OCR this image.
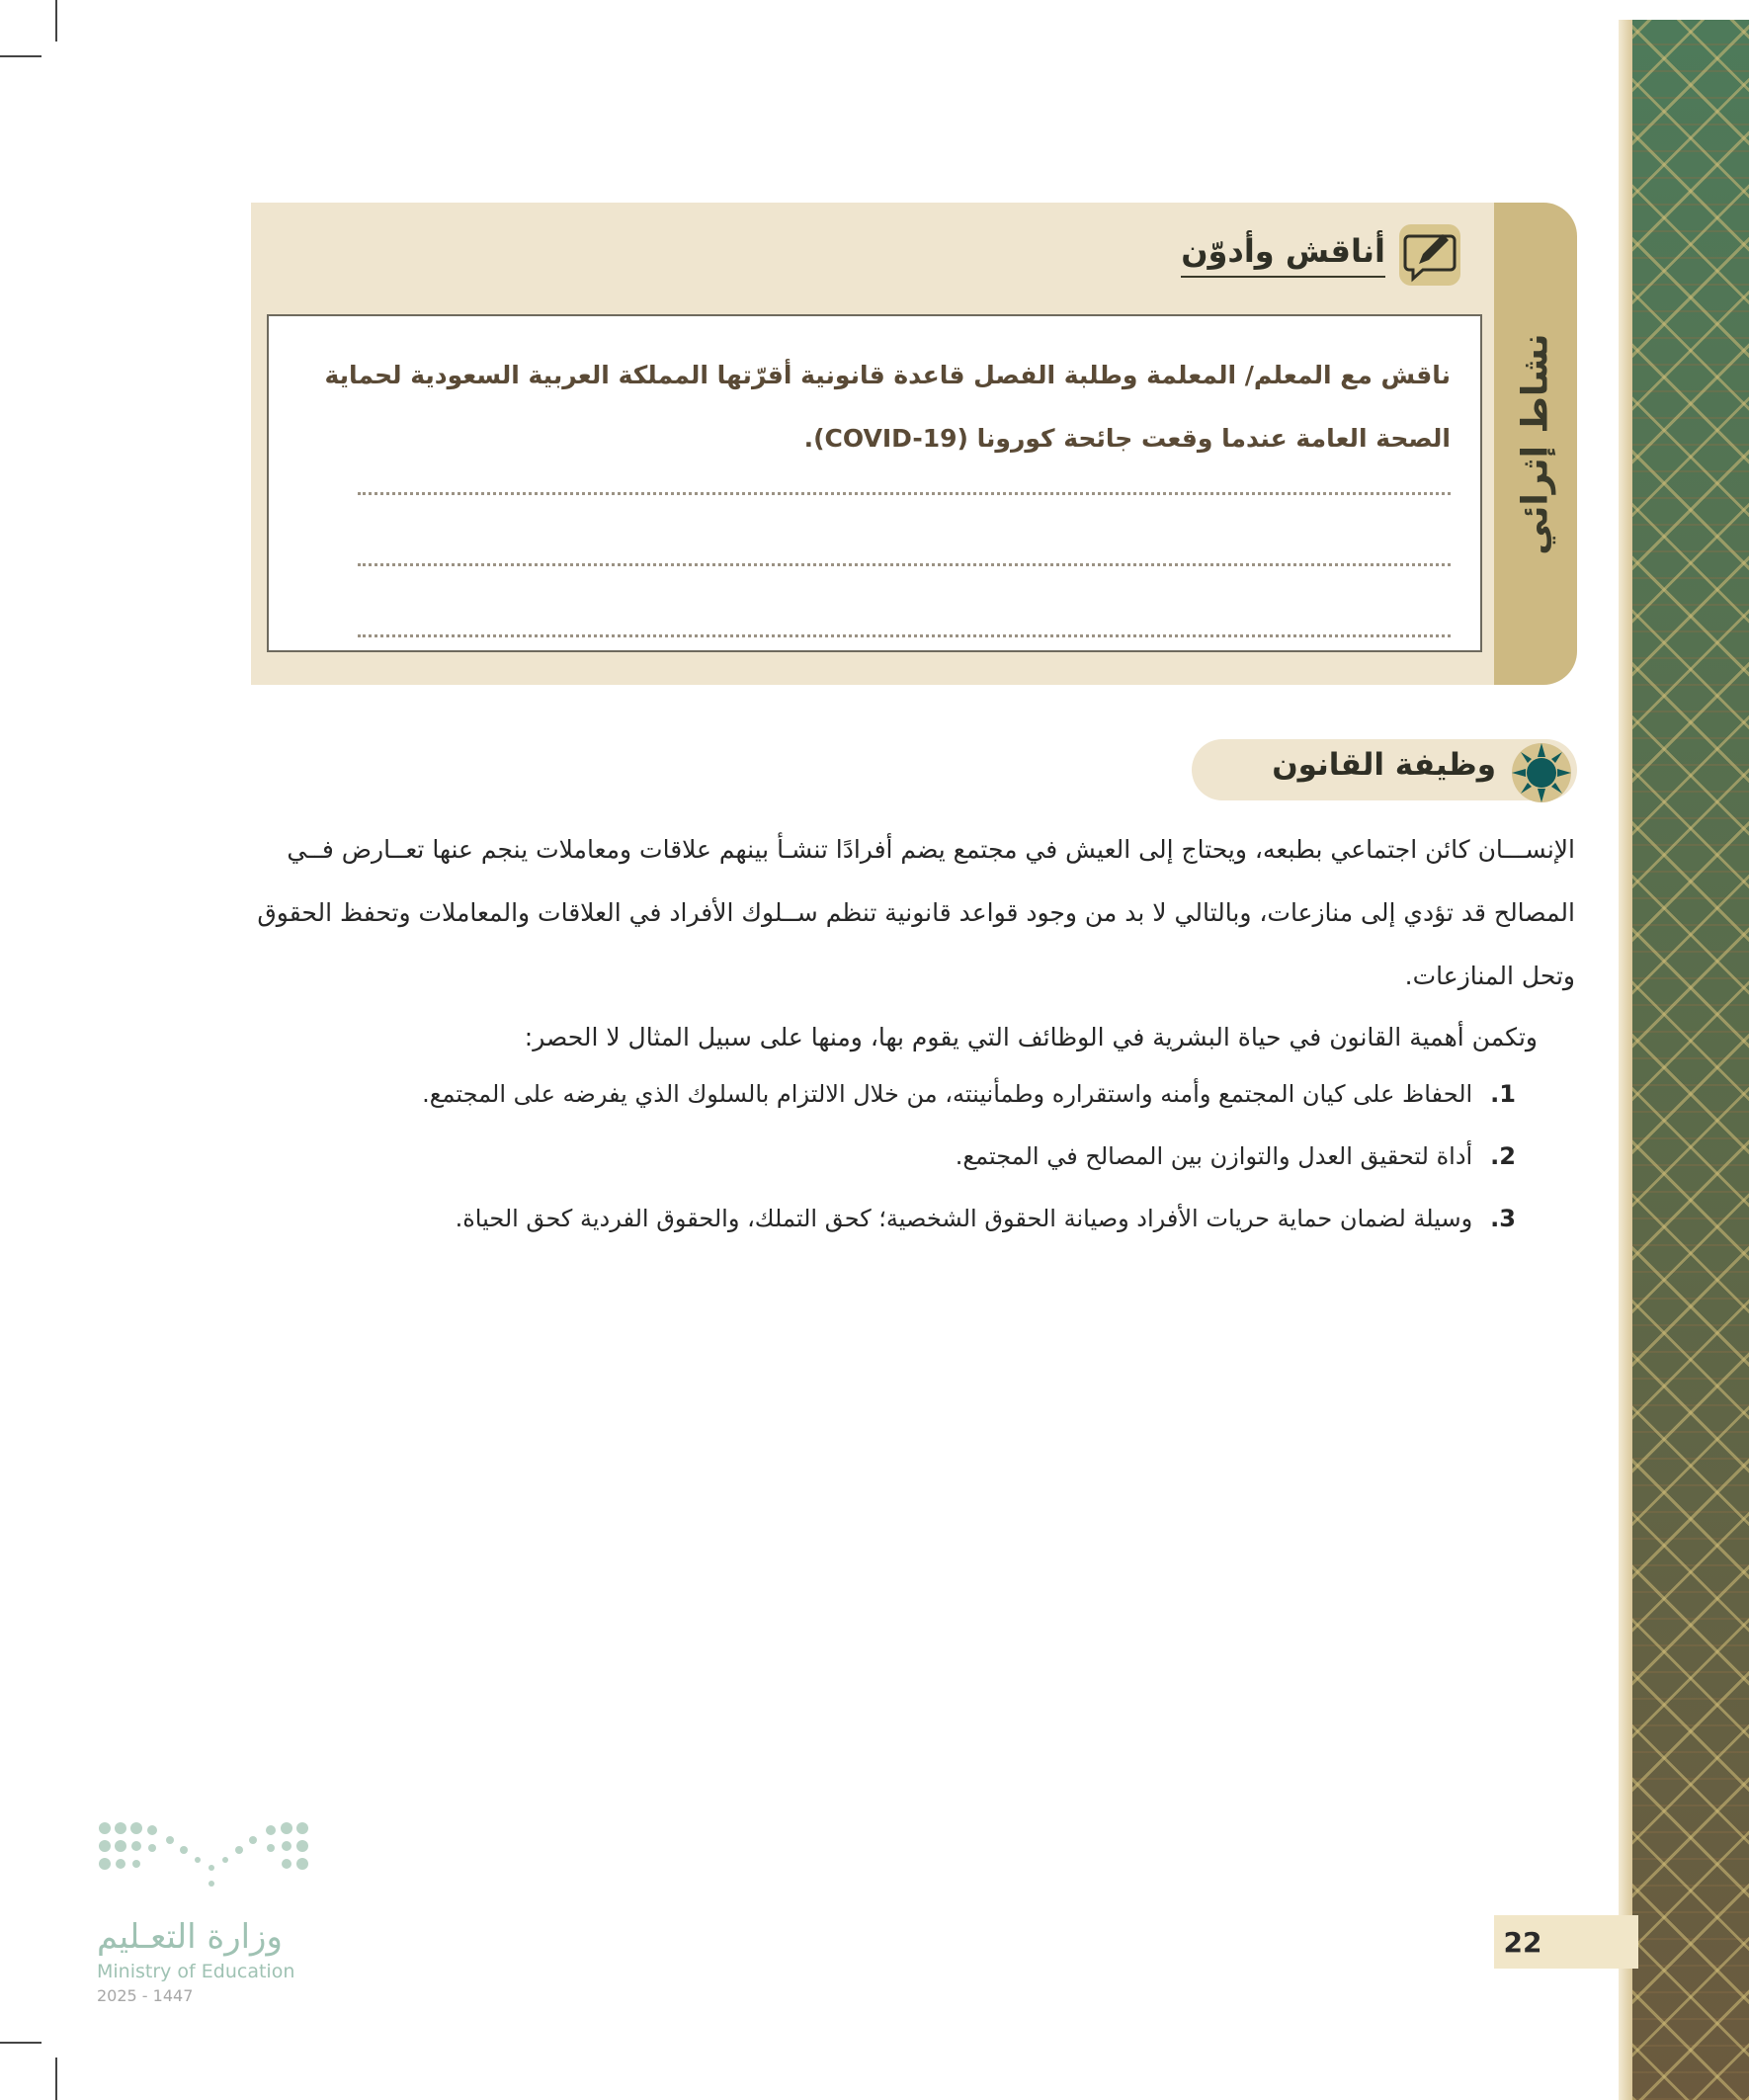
نشاط إثرائي
أناقش وأدوّن
ناقش مع المعلم/ المعلمة وطلبة الفصل قاعدة قانونية أقرّتها المملكة العربية السعودية لحماية الصحة العامة عندما وقعت جائحة كورونا (COVID-19).
وظيفة القانون
الإنســـان كائن اجتماعي بطبعه، ويحتاج إلى العيش في مجتمع يضم أفرادًا تنشـأ بينهم علاقات ومعاملات ينجم عنها تعــارض فــي المصالح قد تؤدي إلى منازعات، وبالتالي لا بد من وجود قواعد قانونية تنظم ســلوك الأفراد في العلاقات والمعاملات وتحفظ الحقوق وتحل المنازعات.
وتكمن أهمية القانون في حياة البشرية في الوظائف التي يقوم بها، ومنها على سبيل المثال لا الحصر:
1.
الحفاظ على كيان المجتمع وأمنه واستقراره وطمأنينته، من خلال الالتزام بالسلوك الذي يفرضه على المجتمع.
2.
أداة لتحقيق العدل والتوازن بين المصالح في المجتمع.
3.
وسيلة لضمان حماية حريات الأفراد وصيانة الحقوق الشخصية؛ كحق التملك، والحقوق الفردية كحق الحياة.
22
وزارة التعـليم
Ministry of Education
2025 - 1447
